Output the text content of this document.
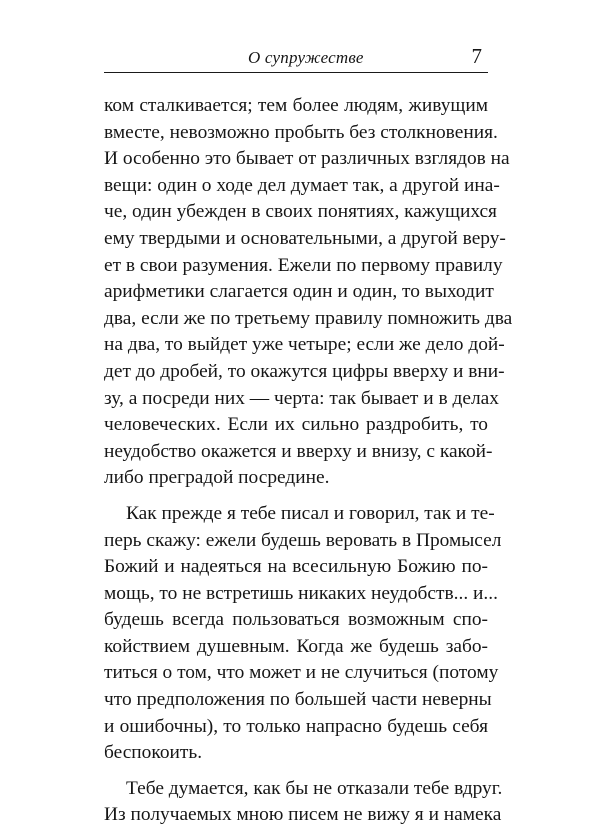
О супружестве	7
ком сталкивается; тем более людям, живущим
вместе, невозможно пробыть без столкновения.
И особенно это бывает от различных взглядов на
вещи: один о ходе дел думает так, а другой ина-
че, один убежден в своих понятиях, кажущихся
ему твердыми и основательными, а другой веру-
ет в свои разумения. Ежели по первому правилу
арифметики слагается один и один, то выходит
два, если же по третьему правилу помножить два
на два, то выйдет уже четыре; если же дело дой-
дет до дробей, то окажутся цифры вверху и вни-
зу, а посреди них — черта: так бывает и в делах
человеческих. Если их сильно раздробить, то
неудобство окажется и вверху и внизу, с какой-
либо преградой посредине.
Как прежде я тебе писал и говорил, так и те-
перь скажу: ежели будешь веровать в Промысел
Божий и надеяться на всесильную Божию по-
мощь, то не встретишь никаких неудобств... и...
будешь всегда пользоваться возможным спо-
койствием душевным. Когда же будешь забо-
титься о том, что может и не случиться (потому
что предположения по большей части неверны
и ошибочны), то только напрасно будешь себя
беспокоить.
Тебе думается, как бы не отказали тебе вдруг.
Из получаемых мною писем не вижу я и намека
